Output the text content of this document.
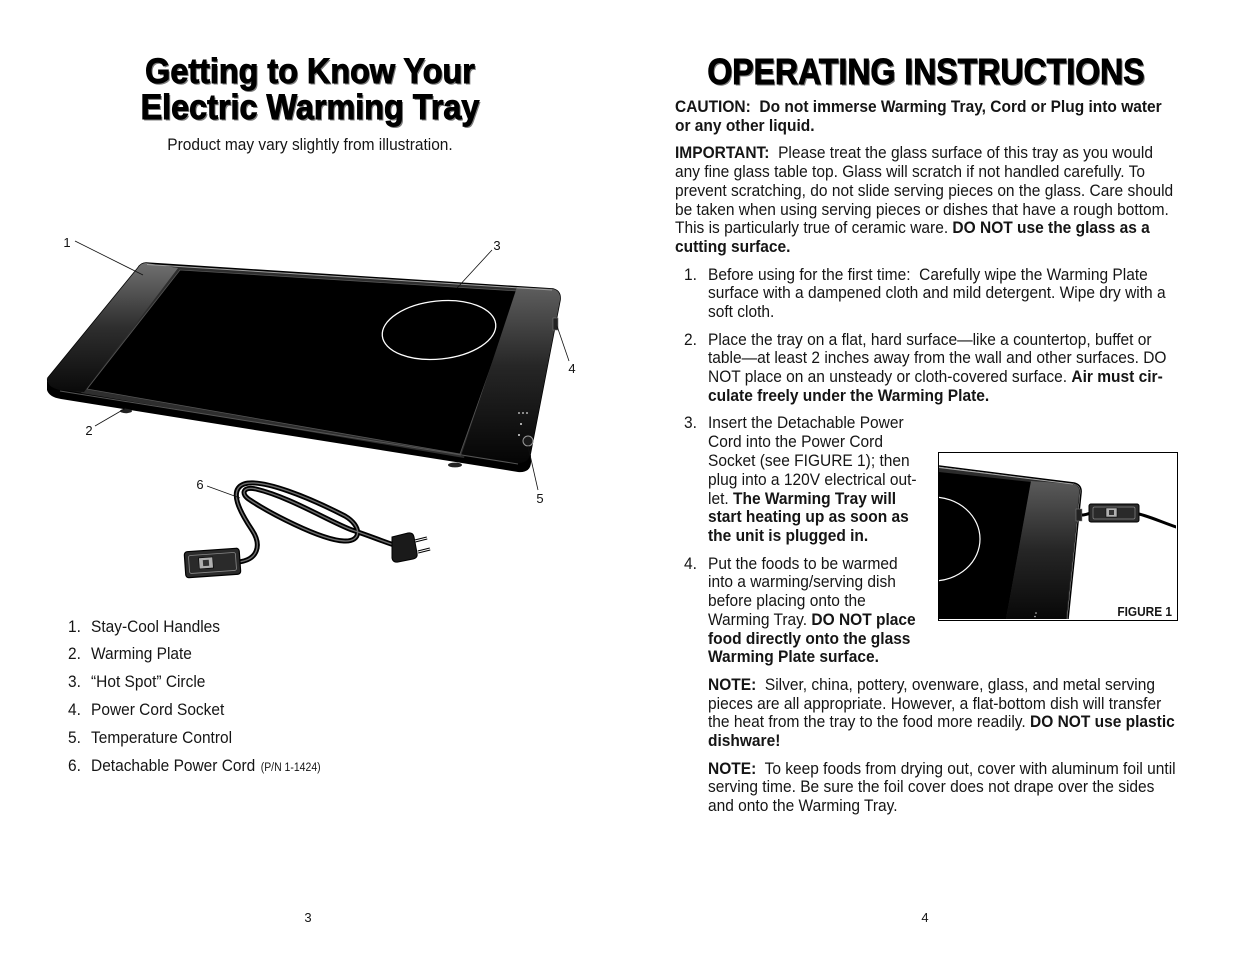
Getting to Know Your
Electric Warming Tray
Product may vary slightly from illustration.
1
2
3
4
5
6
1. Stay-Cool Handles
2. Warming Plate
3. “Hot Spot” Circle
4. Power Cord Socket
5. Temperature Control
6. Detachable Power Cord (P/N 1-1424)
3
OPERATING INSTRUCTIONS
CAUTION:  Do not immerse Warming Tray, Cord or Plug into water
or any other liquid.
IMPORTANT:  Please treat the glass surface of this tray as you would
any fine glass table top. Glass will scratch if not handled carefully. To
prevent scratching, do not slide serving pieces on the glass. Care should
be taken when using serving pieces or dishes that have a rough bottom.
This is particularly true of ceramic ware. DO NOT use the glass as a
cutting surface.
1. Before using for the first time:  Carefully wipe the Warming Plate
surface with a dampened cloth and mild detergent. Wipe dry with a
soft cloth.
2. Place the tray on a flat, hard surface—like a countertop, buffet or
table—at least 2 inches away from the wall and other surfaces. DO
NOT place on an unsteady or cloth-covered surface. Air must cir-
culate freely under the Warming Plate.
3. Insert the Detachable Power
Cord into the Power Cord
Socket (see FIGURE 1); then
plug into a 120V electrical out-
let. The Warming Tray will
start heating up as soon as
the unit is plugged in.
4. Put the foods to be warmed
into a warming/serving dish
before placing onto the
Warming Tray. DO NOT place
food directly onto the glass
Warming Plate surface.
NOTE:  Silver, china, pottery, ovenware, glass, and metal serving
pieces are all appropriate. However, a flat-bottom dish will transfer
the heat from the tray to the food more readily. DO NOT use plastic
dishware!
NOTE:  To keep foods from drying out, cover with aluminum foil until
serving time. Be sure the foil cover does not drape over the sides
and onto the Warming Tray.
FIGURE 1
4
